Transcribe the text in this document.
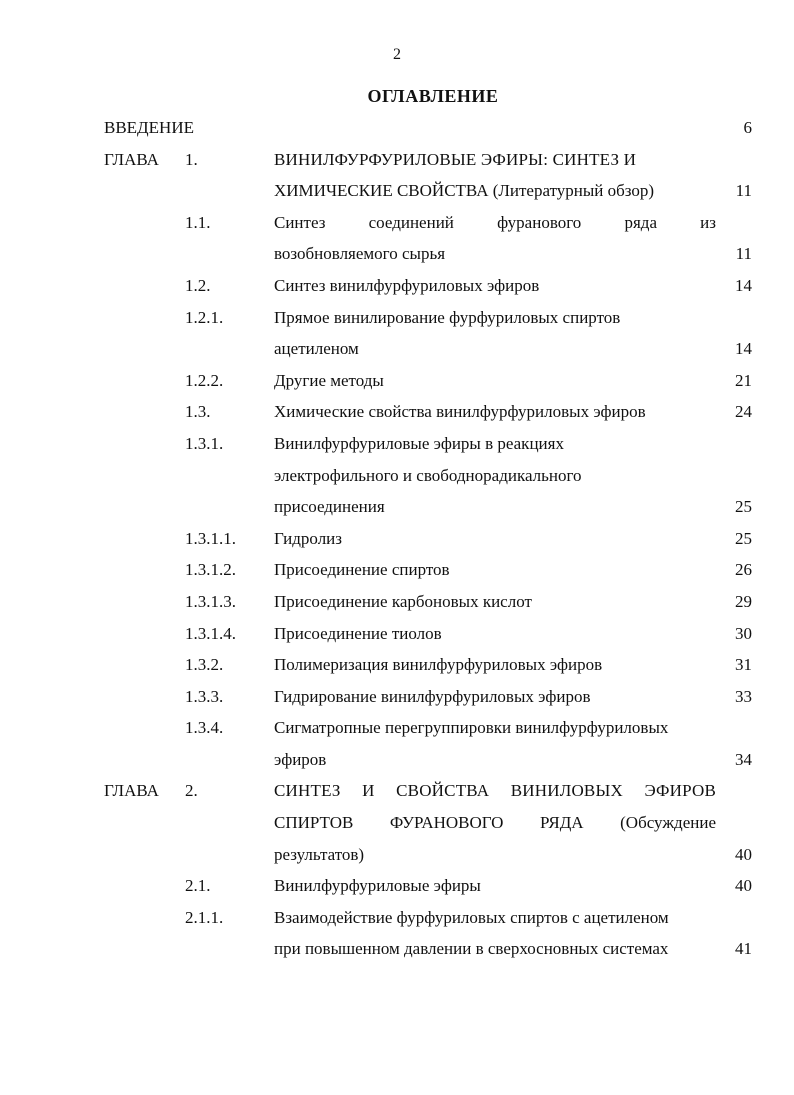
2
ОГЛАВЛЕНИЕ
ВВЕДЕНИЕ	6
ГЛАВА 1.	ВИНИЛФУРФУРИЛОВЫЕ ЭФИРЫ: СИНТЕЗ И
ХИМИЧЕСКИЕ СВОЙСТВА (Литературный обзор)	11
1.1.	Синтез соединений фуранового ряда из
возобновляемого сырья	11
1.2.	Синтез винилфурфуриловых эфиров	14
1.2.1.	Прямое винилирование фурфуриловых спиртов
ацетиленом	14
1.2.2.	Другие методы	21
1.3.	Химические свойства винилфурфуриловых эфиров	24
1.3.1.	Винилфурфуриловые эфиры в реакциях
электрофильного и свободнорадикального
присоединения	25
1.3.1.1. Гидролиз	25
1.3.1.2. Присоединение спиртов	26
1.3.1.3. Присоединение карбоновых кислот	29
1.3.1.4. Присоединение тиолов	30
1.3.2.	Полимеризация винилфурфуриловых эфиров	31
1.3.3.	Гидрирование винилфурфуриловых эфиров	33
1.3.4.	Сигматропные перегруппировки винилфурфуриловых
эфиров	34
ГЛАВА 2.	СИНТЕЗ И СВОЙСТВА ВИНИЛОВЫХ ЭФИРОВ
СПИРТОВ ФУРАНОВОГО РЯДА (Обсуждение
результатов)	40
2.1.	Винилфурфуриловые эфиры	40
2.1.1.	Взаимодействие фурфуриловых спиртов с ацетиленом
при повышенном давлении в сверхосновных системах	41
